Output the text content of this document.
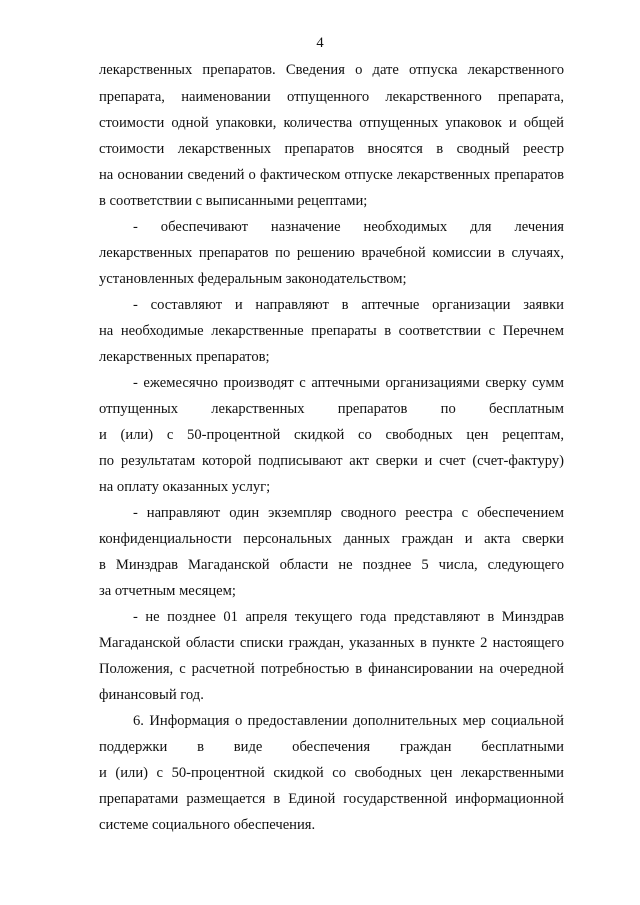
4
лекарственных препаратов. Сведения о дате отпуска лекарственного
препарата, наименовании отпущенного лекарственного препарата,
стоимости одной упаковки, количества отпущенных упаковок и общей
стоимости лекарственных препаратов вносятся в сводный реестр
на основании сведений о фактическом отпуске лекарственных препаратов
в соответствии с выписанными рецептами;
- обеспечивают назначение необходимых для лечения
лекарственных препаратов по решению врачебной комиссии в случаях,
установленных федеральным законодательством;
- составляют и направляют в аптечные организации заявки
на необходимые лекарственные препараты в соответствии с Перечнем
лекарственных препаратов;
- ежемесячно производят с аптечными организациями сверку сумм
отпущенных лекарственных препаратов по бесплатным
и (или) с 50-процентной скидкой со свободных цен рецептам,
по результатам которой подписывают акт сверки и счет (счет-фактуру)
на оплату оказанных услуг;
- направляют один экземпляр сводного реестра с обеспечением
конфиденциальности персональных данных граждан и акта сверки
в Минздрав Магаданской области не позднее 5 числа, следующего
за отчетным месяцем;
- не позднее 01 апреля текущего года представляют в Минздрав
Магаданской области списки граждан, указанных в пункте 2 настоящего
Положения, с расчетной потребностью в финансировании на очередной
финансовый год.
6. Информация о предоставлении дополнительных мер социальной
поддержки в виде обеспечения граждан бесплатными
и (или) с 50-процентной скидкой со свободных цен лекарственными
препаратами размещается в Единой государственной информационной
системе социального обеспечения.
